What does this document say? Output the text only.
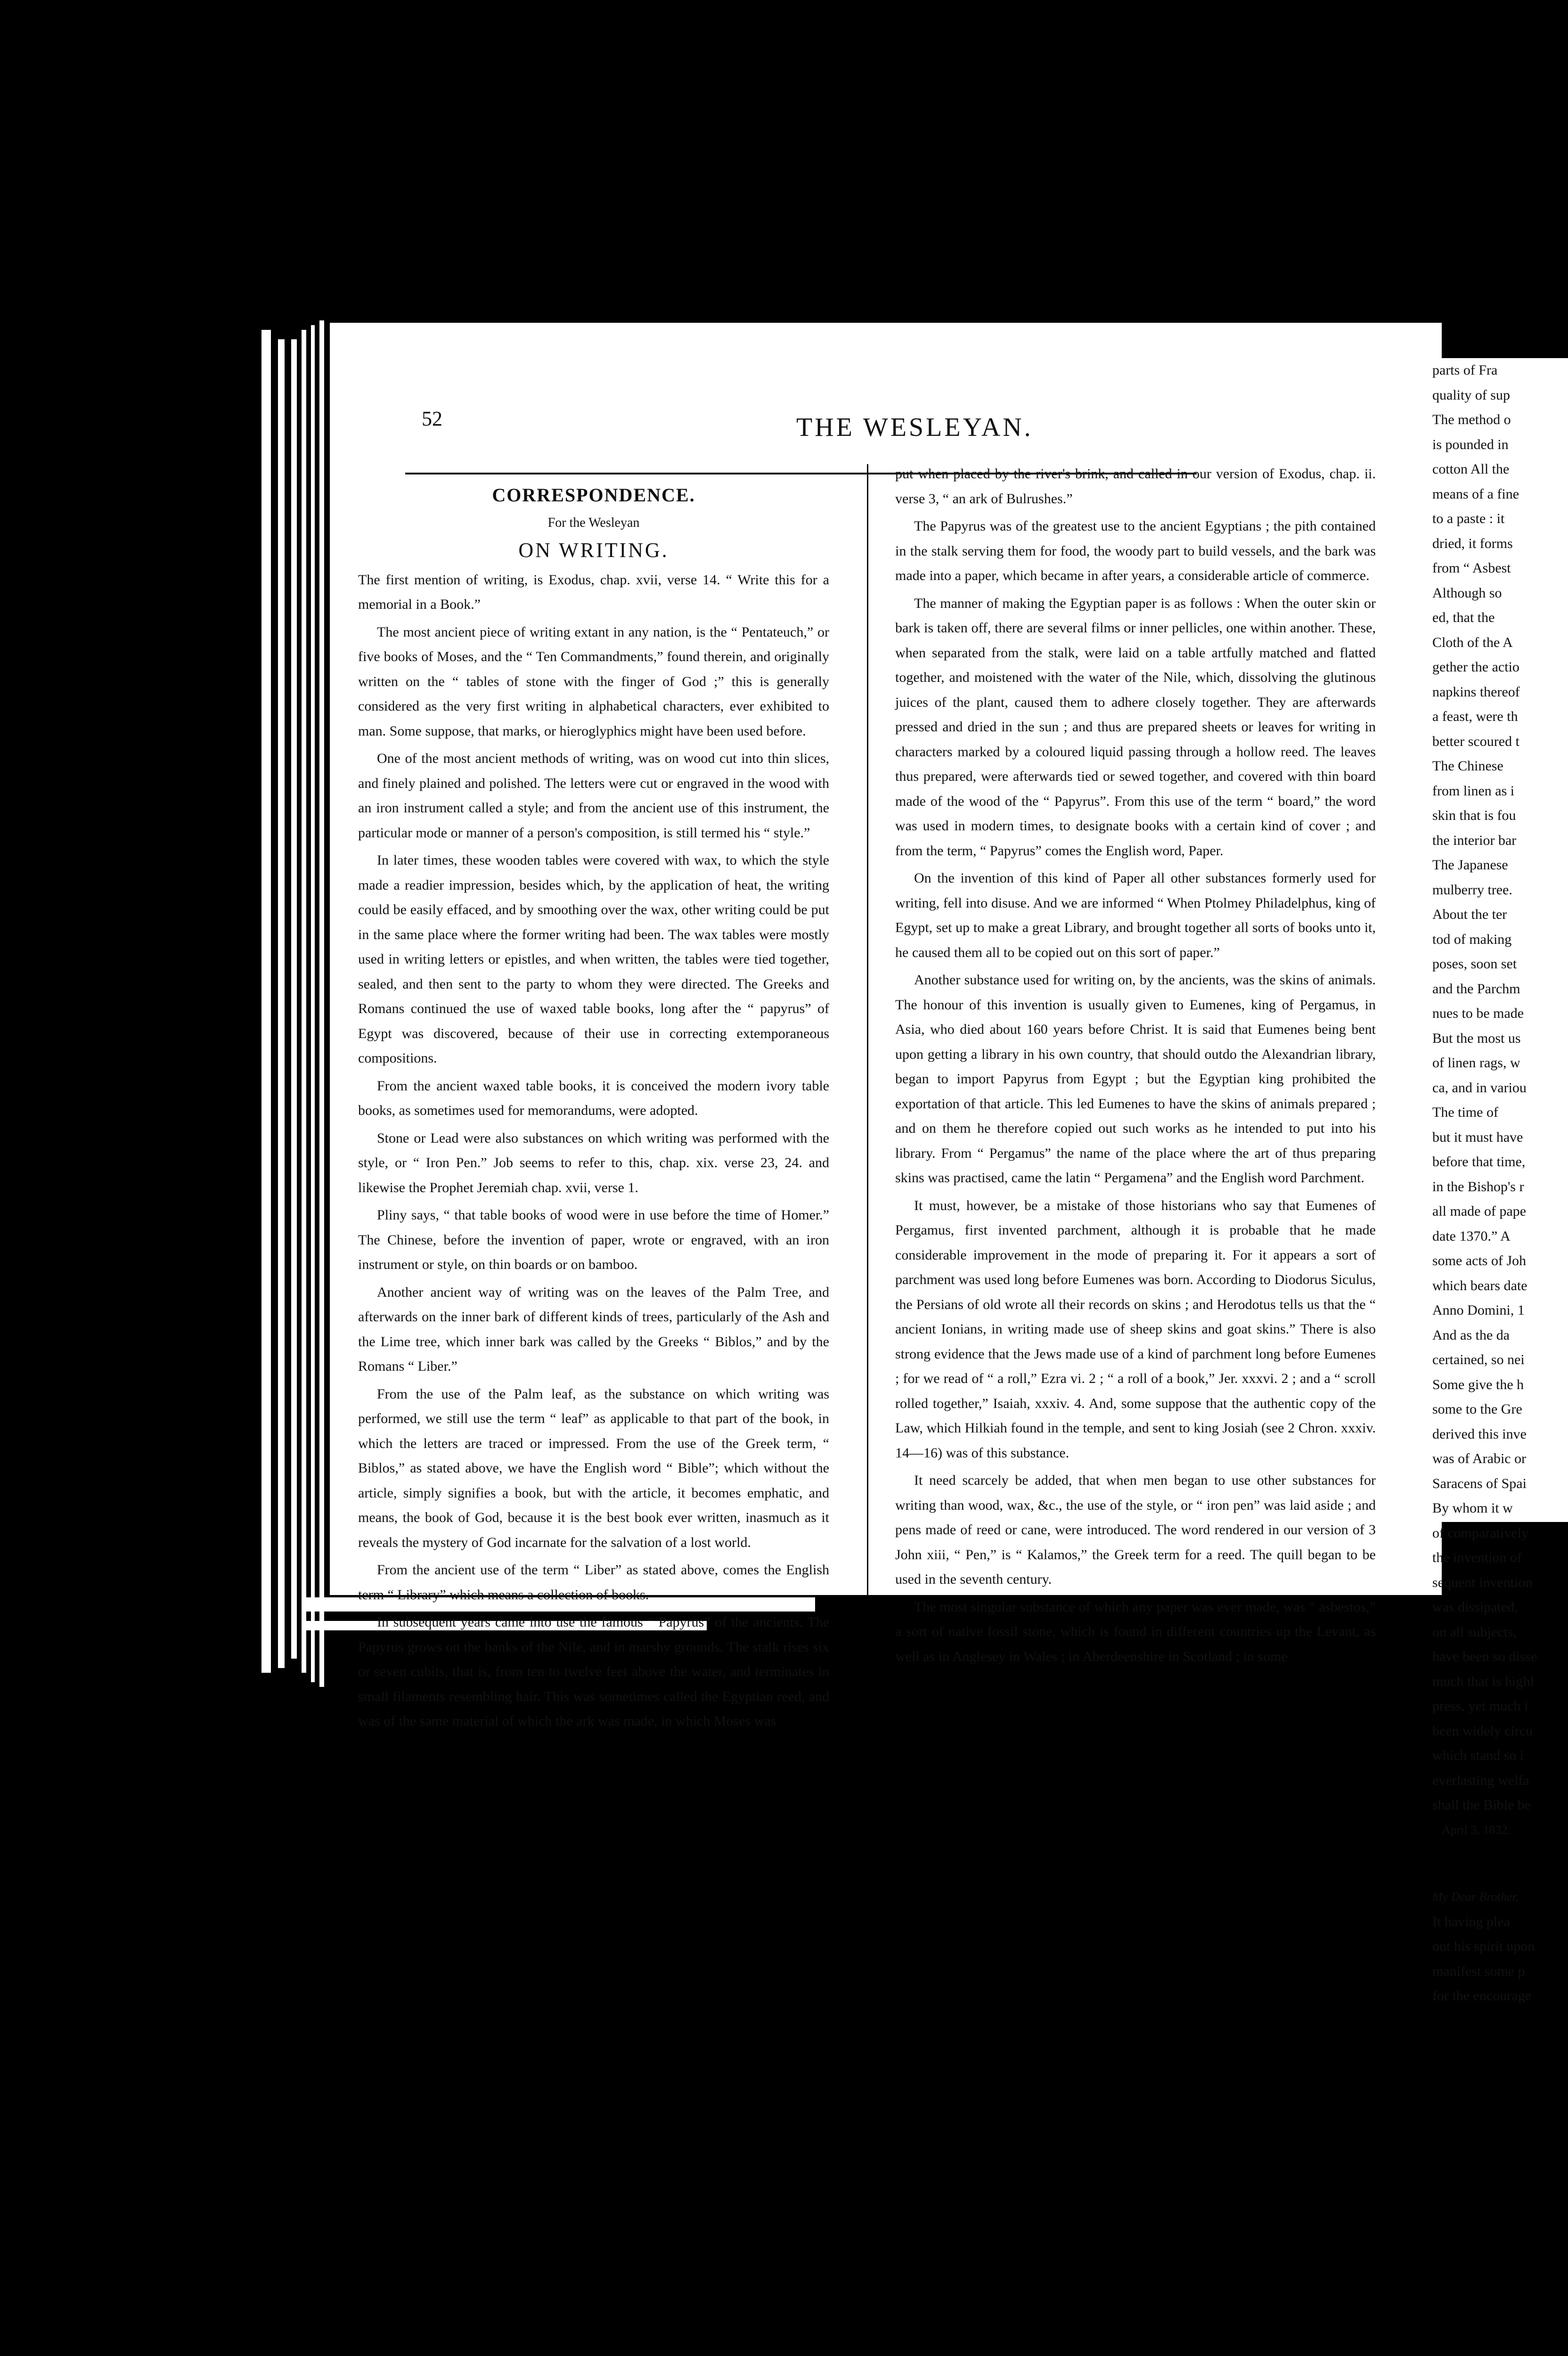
52	THE WESLEYAN.

CORRESPONDENCE.

For the Wesleyan

ON WRITING.

The first mention of writing, is Exodus, chap. xvii, verse 14. “ Write this for a memorial in a Book.”

The most ancient piece of writing extant in any nation, is the “ Pentateuch,” or five books of Moses, and the “ Ten Commandments,” found therein, and originally written on the “ tables of stone with the finger of God ;” this is generally considered as the very first writing in alphabetical characters, ever exhibited to man. Some suppose, that marks, or hieroglyphics might have been used before.

One of the most ancient methods of writing, was on wood cut into thin slices, and finely plained and polished. The letters were cut or engraved in the wood with an iron instrument called a style; and from the ancient use of this instrument, the particular mode or manner of a person's composition, is still termed his “ style.”

In later times, these wooden tables were covered with wax, to which the style made a readier impression, besides which, by the application of heat, the writing could be easily effaced, and by smoothing over the wax, other writing could be put in the same place where the former writing had been. The wax tables were mostly used in writing letters or epistles, and when written, the tables were tied together, sealed, and then sent to the party to whom they were directed. The Greeks and Romans continued the use of waxed table books, long after the “ papyrus” of Egypt was discovered, because of their use in correcting extemporaneous compositions.

From the ancient waxed table books, it is conceived the modern ivory table books, as sometimes used for memorandums, were adopted.

Stone or Lead were also substances on which writing was performed with the style, or “ Iron Pen.” Job seems to refer to this, chap. xix. verse 23, 24. and likewise the Prophet Jeremiah chap. xvii, verse 1.

Pliny says, “ that table books of wood were in use before the time of Homer.” The Chinese, before the invention of paper, wrote or engraved, with an iron instrument or style, on thin boards or on bamboo.

Another ancient way of writing was on the leaves of the Palm Tree, and afterwards on the inner bark of different kinds of trees, particularly of the Ash and the Lime tree, which inner bark was called by the Greeks “ Biblos,” and by the Romans “ Liber.”

From the use of the Palm leaf, as the substance on which writing was performed, we still use the term “ leaf” as applicable to that part of the book, in which the letters are traced or impressed. From the use of the Greek term, “ Biblos,” as stated above, we have the English word “ Bible”; which without the article, simply signifies a book, but with the article, it becomes emphatic, and means, the book of God, because it is the best book ever written, inasmuch as it reveals the mystery of God incarnate for the salvation of a lost world.

From the ancient use of the term “ Liber” as stated above, comes the English term “ Library” which means a collection of books.

In subsequent years came into use the famous “ Papyrus” of the ancients. The Papyrus grows on the banks of the Nile, and in marshy grounds. The stalk rises six or seven cubits, that is, from ten to twelve feet above the water, and terminates in small filaments resembling hair. This was sometimes called the Egyptian reed, and was of the same material of which the ark was made, in which Moses was

put when placed by the river's brink, and called in our version of Exodus, chap. ii. verse 3, “ an ark of Bulrushes.”

The Papyrus was of the greatest use to the ancient Egyptians ; the pith contained in the stalk serving them for food, the woody part to build vessels, and the bark was made into a paper, which became in after years, a considerable article of commerce.

The manner of making the Egyptian paper is as follows : When the outer skin or bark is taken off, there are several films or inner pellicles, one within another. These, when separated from the stalk, were laid on a table artfully matched and flatted together, and moistened with the water of the Nile, which, dissolving the glutinous juices of the plant, caused them to adhere closely together. They are afterwards pressed and dried in the sun ; and thus are prepared sheets or leaves for writing in characters marked by a coloured liquid passing through a hollow reed. The leaves thus prepared, were afterwards tied or sewed together, and covered with thin board made of the wood of the “ Papyrus”. From this use of the term “ board,” the word was used in modern times, to designate books with a certain kind of cover ; and from the term, “ Papyrus” comes the English word, Paper.

On the invention of this kind of Paper all other substances formerly used for writing, fell into disuse. And we are informed “ When Ptolmey Philadelphus, king of Egypt, set up to make a great Library, and brought together all sorts of books unto it, he caused them all to be copied out on this sort of paper.”

Another substance used for writing on, by the ancients, was the skins of animals. The honour of this invention is usually given to Eumenes, king of Pergamus, in Asia, who died about 160 years before Christ. It is said that Eumenes being bent upon getting a library in his own country, that should outdo the Alexandrian library, began to import Papyrus from Egypt ; but the Egyptian king prohibited the exportation of that article. This led Eumenes to have the skins of animals prepared ; and on them he therefore copied out such works as he intended to put into his library. From “ Pergamus” the name of the place where the art of thus preparing skins was practised, came the latin “ Pergamena” and the English word Parchment.

It must, however, be a mistake of those historians who say that Eumenes of Pergamus, first invented parchment, although it is probable that he made considerable improvement in the mode of preparing it. For it appears a sort of parchment was used long before Eumenes was born. According to Diodorus Siculus, the Persians of old wrote all their records on skins ; and Herodotus tells us that the “ ancient Ionians, in writing made use of sheep skins and goat skins.” There is also strong evidence that the Jews made use of a kind of parchment long before Eumenes ; for we read of “ a roll,” Ezra vi. 2 ; “ a roll of a book,” Jer. xxxvi. 2 ; and a “ scroll rolled together,” Isaiah, xxxiv. 4. And, some suppose that the authentic copy of the Law, which Hilkiah found in the temple, and sent to king Josiah (see 2 Chron. xxxiv. 14—16) was of this substance.

It need scarcely be added, that when men began to use other substances for writing than wood, wax, &c., the use of the style, or “ iron pen” was laid aside ; and pens made of reed or cane, were introduced. The word rendered in our version of 3 John xiii, “ Pen,” is “ Kalamos,” the Greek term for a reed. The quill began to be used in the seventh century.

The most singular substance of which any paper was ever made, was “ asbestos,” a sort of native fossil stone, which is found in different countries up the Levant, as well as in Anglesey in Wales ; in Aberdeenshire in Scotland ; in some

parts of Fra
quality of sup
The method o
is pounded in
cotton All the
means of a fine
to a paste : it
dried, it forms
from “ Asbest
Although so
ed, that the
Cloth of the A
gether the actio
napkins thereof
a feast, were th
better scoured t
The Chinese
from linen as i
skin that is fou
the interior bar
The Japanese
mulberry tree.
About the ter
tod of making
poses, soon set
and the Parchm
nues to be made
But the most us
of linen rags, w
ca, and in variou
The time of
but it must have
before that time,
in the Bishop's r
all made of pape
date 1370.” A
some acts of Joh
which bears date
Anno Domini, 1
And as the da
certained, so nei
Some give the h
some to the Gre
derived this inve
was of Arabic or
Saracens of Spai
By whom it w
of comparatively
the invention of
sequent invention
was dissipated,
on all subjects,
have been so disse
much that is highl
press, yet much i
been widely circu
which stand so i
everlasting welfa
shall the Bible be
April 3, 1832.
My Dear Brother,
It having plea
out his spirit upon
manifest some p
for the encourage
